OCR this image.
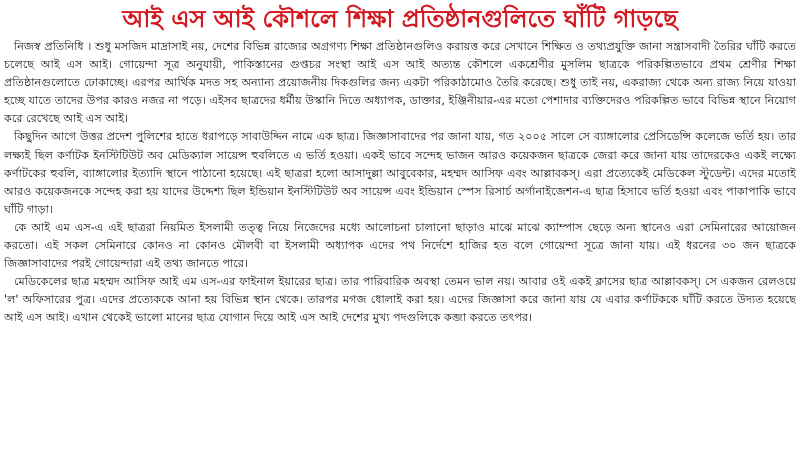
আই এস আই কৌশলে শিক্ষা প্রতিষ্ঠানগুলিতে ঘাঁটি গাড়ছে

নিজস্ব প্রতিনিধি । শুধু মসজিদ মাদ্রাসাই নয়, দেশের বিভিন্ন রাজ্যের অগ্রগণ্য শিক্ষা প্রতিষ্ঠানগুলিও করায়ত্ত করে সেখানে শিক্ষিত ও তথ্যপ্রযুক্তি জানা সন্ত্রাসবাদী তৈরির ঘাঁটি করতে চলেছে আই এস আই। গোয়েন্দা সূত্র অনুযায়ী, পাকিস্তানের গুপ্তচর সংস্থা আই এস আই অত্যন্ত কৌশলে একশ্রেণীর মুসলিম ছাত্রকে পরিকল্পিতভাবে প্রথম শ্রেণীর শিক্ষা প্রতিষ্ঠানগুলোতে ঢোকাচ্ছে। এরপর আর্থিক মদত সহ অন্যান্য প্রয়োজনীয় দিকগুলির জন্য একটা পরিকাঠামোও তৈরি করেছে। শুধু তাই নয়, একরাজ্য থেকে অন্য রাজ্য নিয়ে যাওয়া হচ্ছে যাতে তাদের উপর কারও নজর না পড়ে। এইসব ছাত্রদের ধর্মীয় উস্কানি দিতে অধ্যাপক, ডাক্তার, ইঞ্জিনীয়ার-এর মতো পেশাদার ব্যক্তিদেরও পরিকল্পিত ভাবে বিভিন্ন স্থানে নিয়োগ করে রেখেছে আই এস আই।

কিছুদিন আগে উত্তর প্রদেশ পুলিশের হাতে ধরাপড়ে সাবাউদ্দিন নামে এক ছাত্র। জিজ্ঞাসাবাদের পর জানা যায়, গত ২০০৫ সালে সে ব্যাঙ্গালোর প্রেসিডেন্সি কলেজে ভর্তি হয়। তার লক্ষ্যই ছিল কর্ণাটক ইনস্টিটিউট অব মেডিক্যাল সায়েন্স হুবলিতে এ ভর্তি হওয়া। একই ভাবে সন্দেহ ভাজন আরও কয়েকজন ছাত্রকে জেরা করে জানা যায় তাদেরকেও একই লক্ষ্যে কর্ণাটকের হুবলি, ব্যাঙ্গালোর ইত্যাদি স্থানে পাঠানো হয়েছে। এই ছাত্ররা হলো আসাদুল্লা আবুবেকার, মহম্মদ আসিফ এবং আল্লাবকস্‌। এরা প্রত্যেকেই মেডিকেল স্টুডেন্ট। এদের মতোই আরও কয়েকজনকে সন্দেহ করা হয় যাদের উদ্দেশ্য ছিল ইন্ডিয়ান ইনস্টিটিউট অব সায়েন্স এবং ইন্ডিয়ান স্পেস রিসার্চ অর্গানাইজেশন-এ ছাত্র হিসাবে ভর্তি হওয়া এবং পাকাপাকি ভাবে ঘাঁটি গাড়া।

কে আই এম এস-এ এই ছাত্ররা নিয়মিত ইসলামী তত্ত্ব নিয়ে নিজেদের মধ্যে আলোচনা চালানো ছাড়াও মাঝে মাঝে ক্যাম্পাস ছেড়ে অন্য স্থানেও এরা সেমিনারের আয়োজন করতো। এই সকল সেমিনারে কোনও না কোনও মৌলবী বা ইসলামী অধ্যাপক এদের পথ নির্দেশে হাজির হত বলে গোয়েন্দা সূত্রে জানা যায়। এই ধরনের ৩০ জন ছাত্রকে জিজ্ঞাসাবাদের পরই গোয়েন্দারা এই তথ্য জানতে পারে।

মেডিকেলের ছাত্র মহম্মদ আসিফ আই এম এস-এর ফাইনাল ইয়ারের ছাত্র। তার পারিবারিক অবস্থা তেমন ভাল নয়। আবার ওই একই ক্লাসের ছাত্র আল্লাবকস্‌। সে একজন রেলওয়ে 'ল' অফিসারের পুত্র। এদের প্রত্যেককে আনা হয় বিভিন্ন স্থান থেকে। তারপর মগজ ধোলাই করা হয়। এদের জিজ্ঞাসা করে জানা যায় যে এবার কর্ণাটককে ঘাঁটি করতে উদ্যত হয়েছে আই এস আই। এখান থেকেই ভালো মানের ছাত্র যোগান দিয়ে আই এস আই দেশের মুখ্য পদগুলিকে কব্জা করতে তৎপর।
